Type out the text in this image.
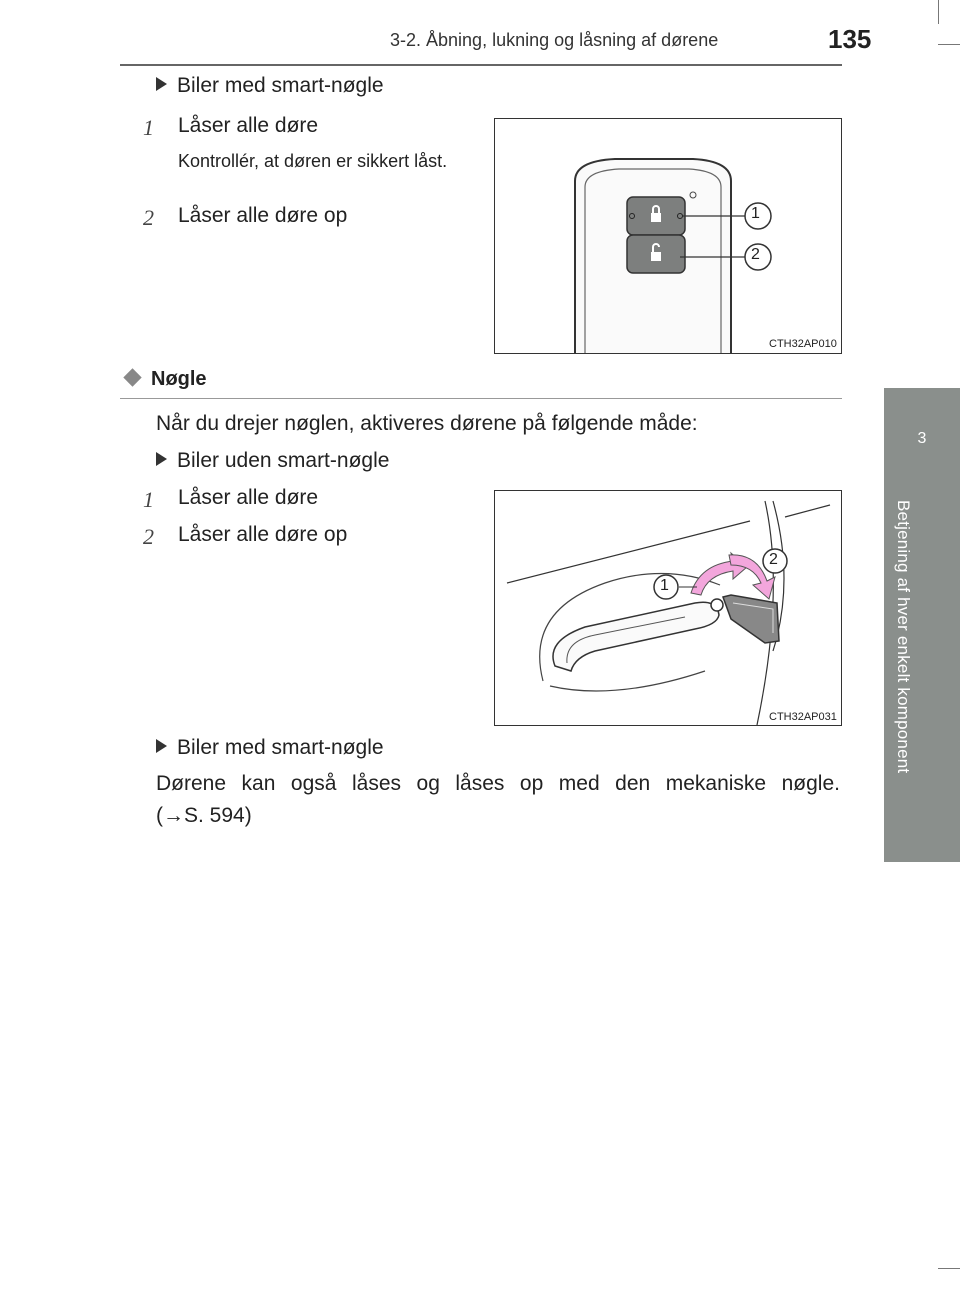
3-2. Åbning, lukning og låsning af dørene	135
3
Betjening af hver enkelt komponent
Biler med smart-nøgle
1 Låser alle døre
Kontrollér, at døren er sikkert låst.
2 Låser alle døre op	1
2
CTH32AP010
Nøgle
Når du drejer nøglen, aktiveres dørene på følgende måde:
Biler uden smart-nøgle
1 Låser alle døre
2 Låser alle døre op
1
2
CTH32AP031
Biler med smart-nøgle
Dørene kan også låses og låses op med den mekaniske nøgle.
(→S. 594)
